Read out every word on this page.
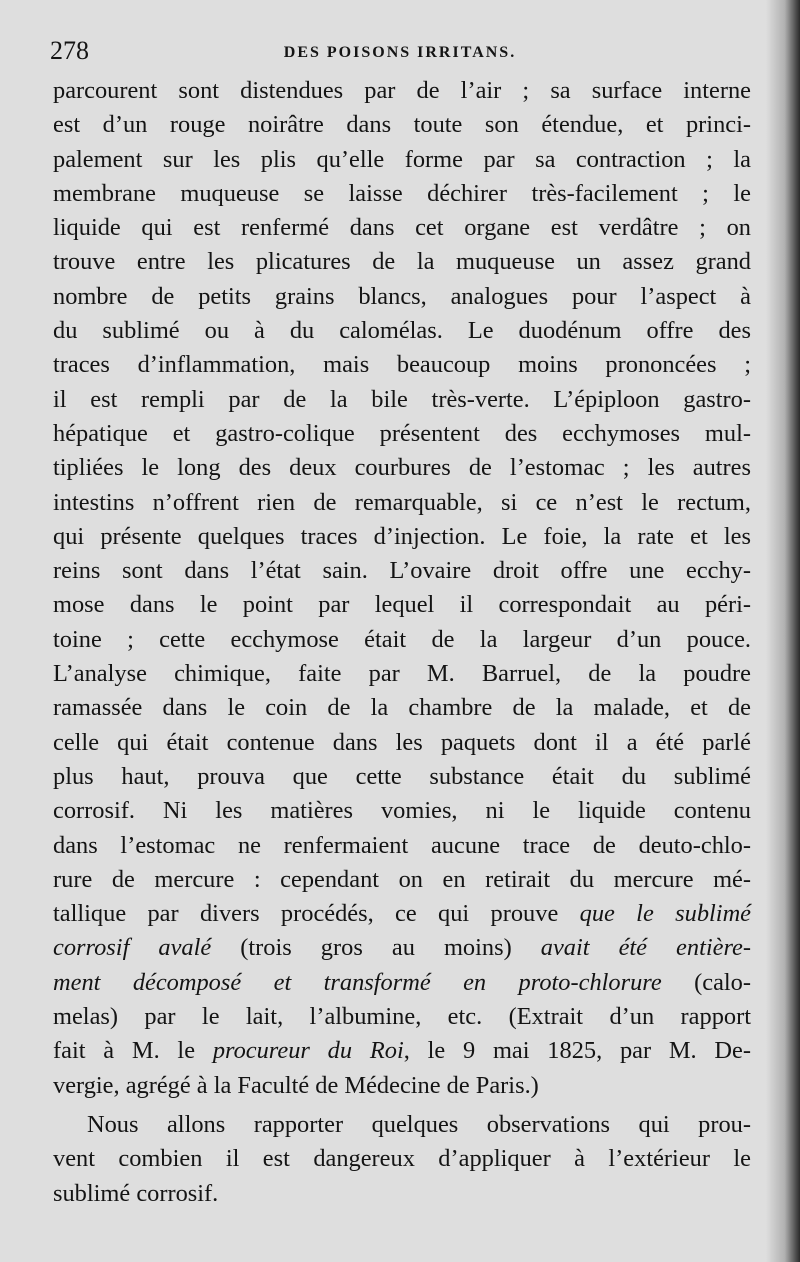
278	DES POISONS IRRITANS.
parcourent sont distendues par de l’air ; sa surface interne
est d’un rouge noirâtre dans toute son étendue, et princi-
palement sur les plis qu’elle forme par sa contraction ; la
membrane muqueuse se laisse déchirer très-facilement ; le
liquide qui est renfermé dans cet organe est verdâtre ; on
trouve entre les plicatures de la muqueuse un assez grand
nombre de petits grains blancs, analogues pour l’aspect à
du sublimé ou à du calomélas. Le duodénum offre des
traces d’inflammation, mais beaucoup moins prononcées ;
il est rempli par de la bile très-verte. L’épiploon gastro-
hépatique et gastro-colique présentent des ecchymoses mul-
tipliées le long des deux courbures de l’estomac ; les autres
intestins n’offrent rien de remarquable, si ce n’est le rectum,
qui présente quelques traces d’injection. Le foie, la rate et les
reins sont dans l’état sain. L’ovaire droit offre une ecchy-
mose dans le point par lequel il correspondait au péri-
toine ; cette ecchymose était de la largeur d’un pouce.
L’analyse chimique, faite par M. Barruel, de la poudre
ramassée dans le coin de la chambre de la malade, et de
celle qui était contenue dans les paquets dont il a été parlé
plus haut, prouva que cette substance était du sublimé
corrosif. Ni les matières vomies, ni le liquide contenu
dans l’estomac ne renfermaient aucune trace de deuto-chlo-
rure de mercure : cependant on en retirait du mercure mé-
tallique par divers procédés, ce qui prouve que le sublimé
corrosif avalé (trois gros au moins) avait été entière-
ment décomposé et transformé en proto-chlorure (calo-
melas) par le lait, l’albumine, etc. (Extrait d’un rapport
fait à M. le procureur du Roi, le 9 mai 1825, par M. De-
vergie, agrégé à la Faculté de Médecine de Paris.)
Nous allons rapporter quelques observations qui prou-
vent combien il est dangereux d’appliquer à l’extérieur le
sublimé corrosif.
